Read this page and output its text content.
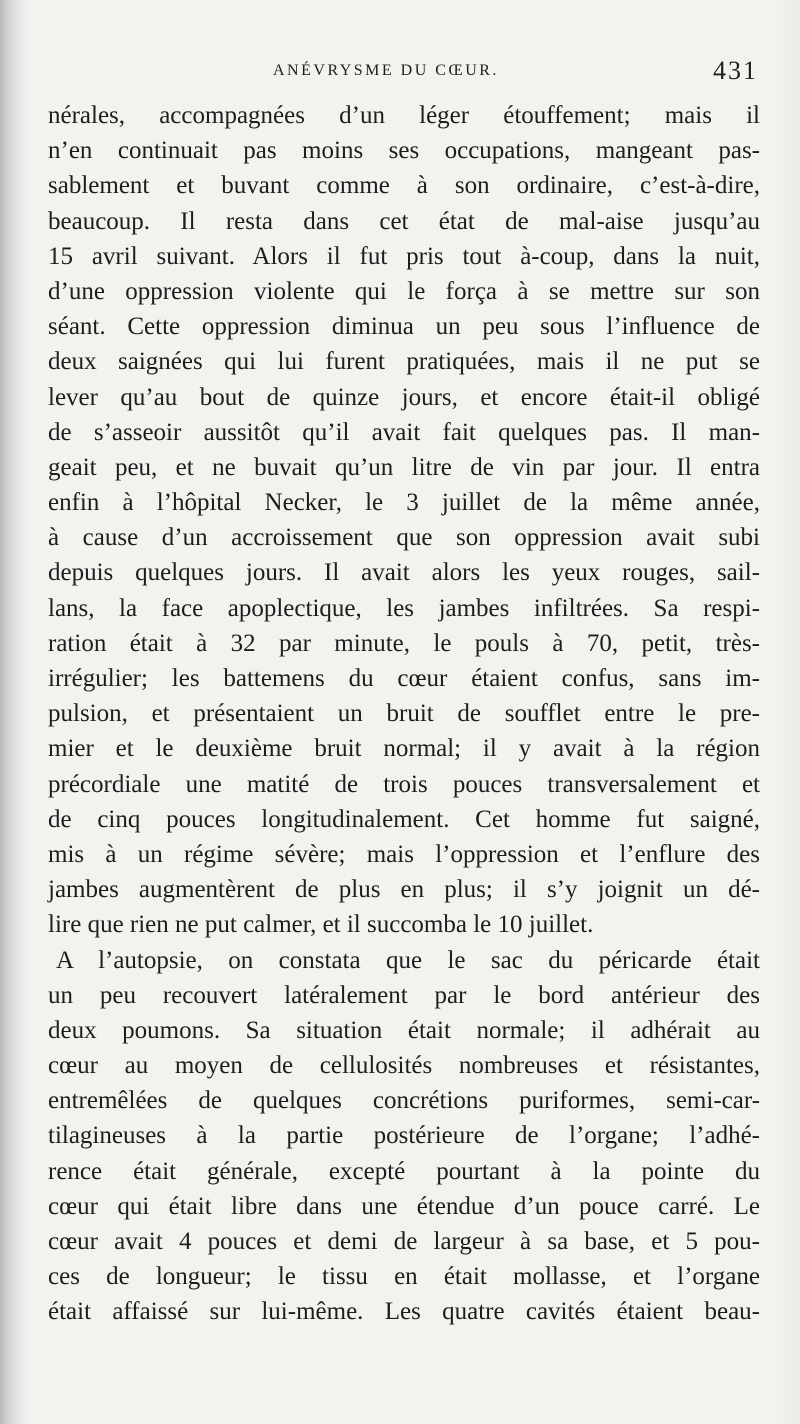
ANÉVRYSME DU CŒUR.	431
nérales, accompagnées d’un léger étouffement; mais il
n’en continuait pas moins ses occupations, mangeant pas-
sablement et buvant comme à son ordinaire, c’est-à-dire,
beaucoup. Il resta dans cet état de mal-aise jusqu’au
15 avril suivant. Alors il fut pris tout à-coup, dans la nuit,
d’une oppression violente qui le força à se mettre sur son
séant. Cette oppression diminua un peu sous l’influence de
deux saignées qui lui furent pratiquées, mais il ne put se
lever qu’au bout de quinze jours, et encore était-il obligé
de s’asseoir aussitôt qu’il avait fait quelques pas. Il man-
geait peu, et ne buvait qu’un litre de vin par jour. Il entra
enfin à l’hôpital Necker, le 3 juillet de la même année,
à cause d’un accroissement que son oppression avait subi
depuis quelques jours. Il avait alors les yeux rouges, sail-
lans, la face apoplectique, les jambes infiltrées. Sa respi-
ration était à 32 par minute, le pouls à 70, petit, très-
irrégulier; les battemens du cœur étaient confus, sans im-
pulsion, et présentaient un bruit de soufflet entre le pre-
mier et le deuxième bruit normal; il y avait à la région
précordiale une matité de trois pouces transversalement et
de cinq pouces longitudinalement. Cet homme fut saigné,
mis à un régime sévère; mais l’oppression et l’enflure des
jambes augmentèrent de plus en plus; il s’y joignit un dé-
lire que rien ne put calmer, et il succomba le 10 juillet.
A l’autopsie, on constata que le sac du péricarde était
un peu recouvert latéralement par le bord antérieur des
deux poumons. Sa situation était normale; il adhérait au
cœur au moyen de cellulosités nombreuses et résistantes,
entremêlées de quelques concrétions puriformes, semi-car-
tilagineuses à la partie postérieure de l’organe; l’adhé-
rence était générale, excepté pourtant à la pointe du
cœur qui était libre dans une étendue d’un pouce carré. Le
cœur avait 4 pouces et demi de largeur à sa base, et 5 pou-
ces de longueur; le tissu en était mollasse, et l’organe
était affaissé sur lui-même. Les quatre cavités étaient beau-
